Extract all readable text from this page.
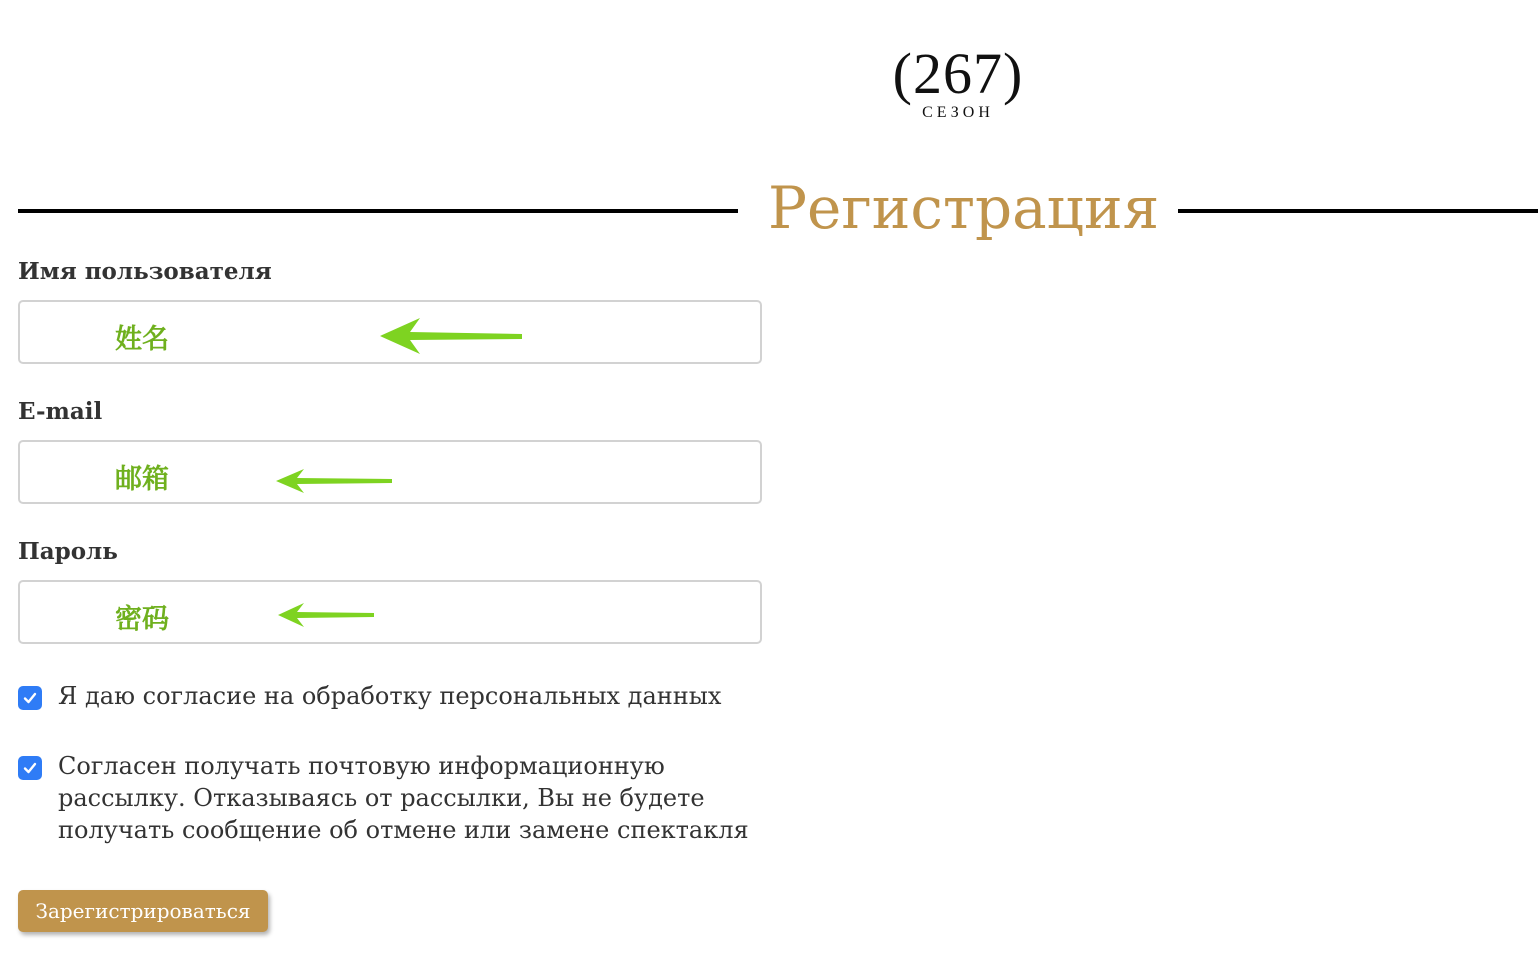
(267)
СЕЗОН
Регистрация
Имя пользователя
姓名
E-mail
邮箱
Пароль
密码
Я даю согласие на обработку персональных данных
Согласен получать почтовую информационную рассылку. Отказываясь от рассылки, Вы не будете получать сообщение об отмене или замене спектакля
Зарегистрироваться
